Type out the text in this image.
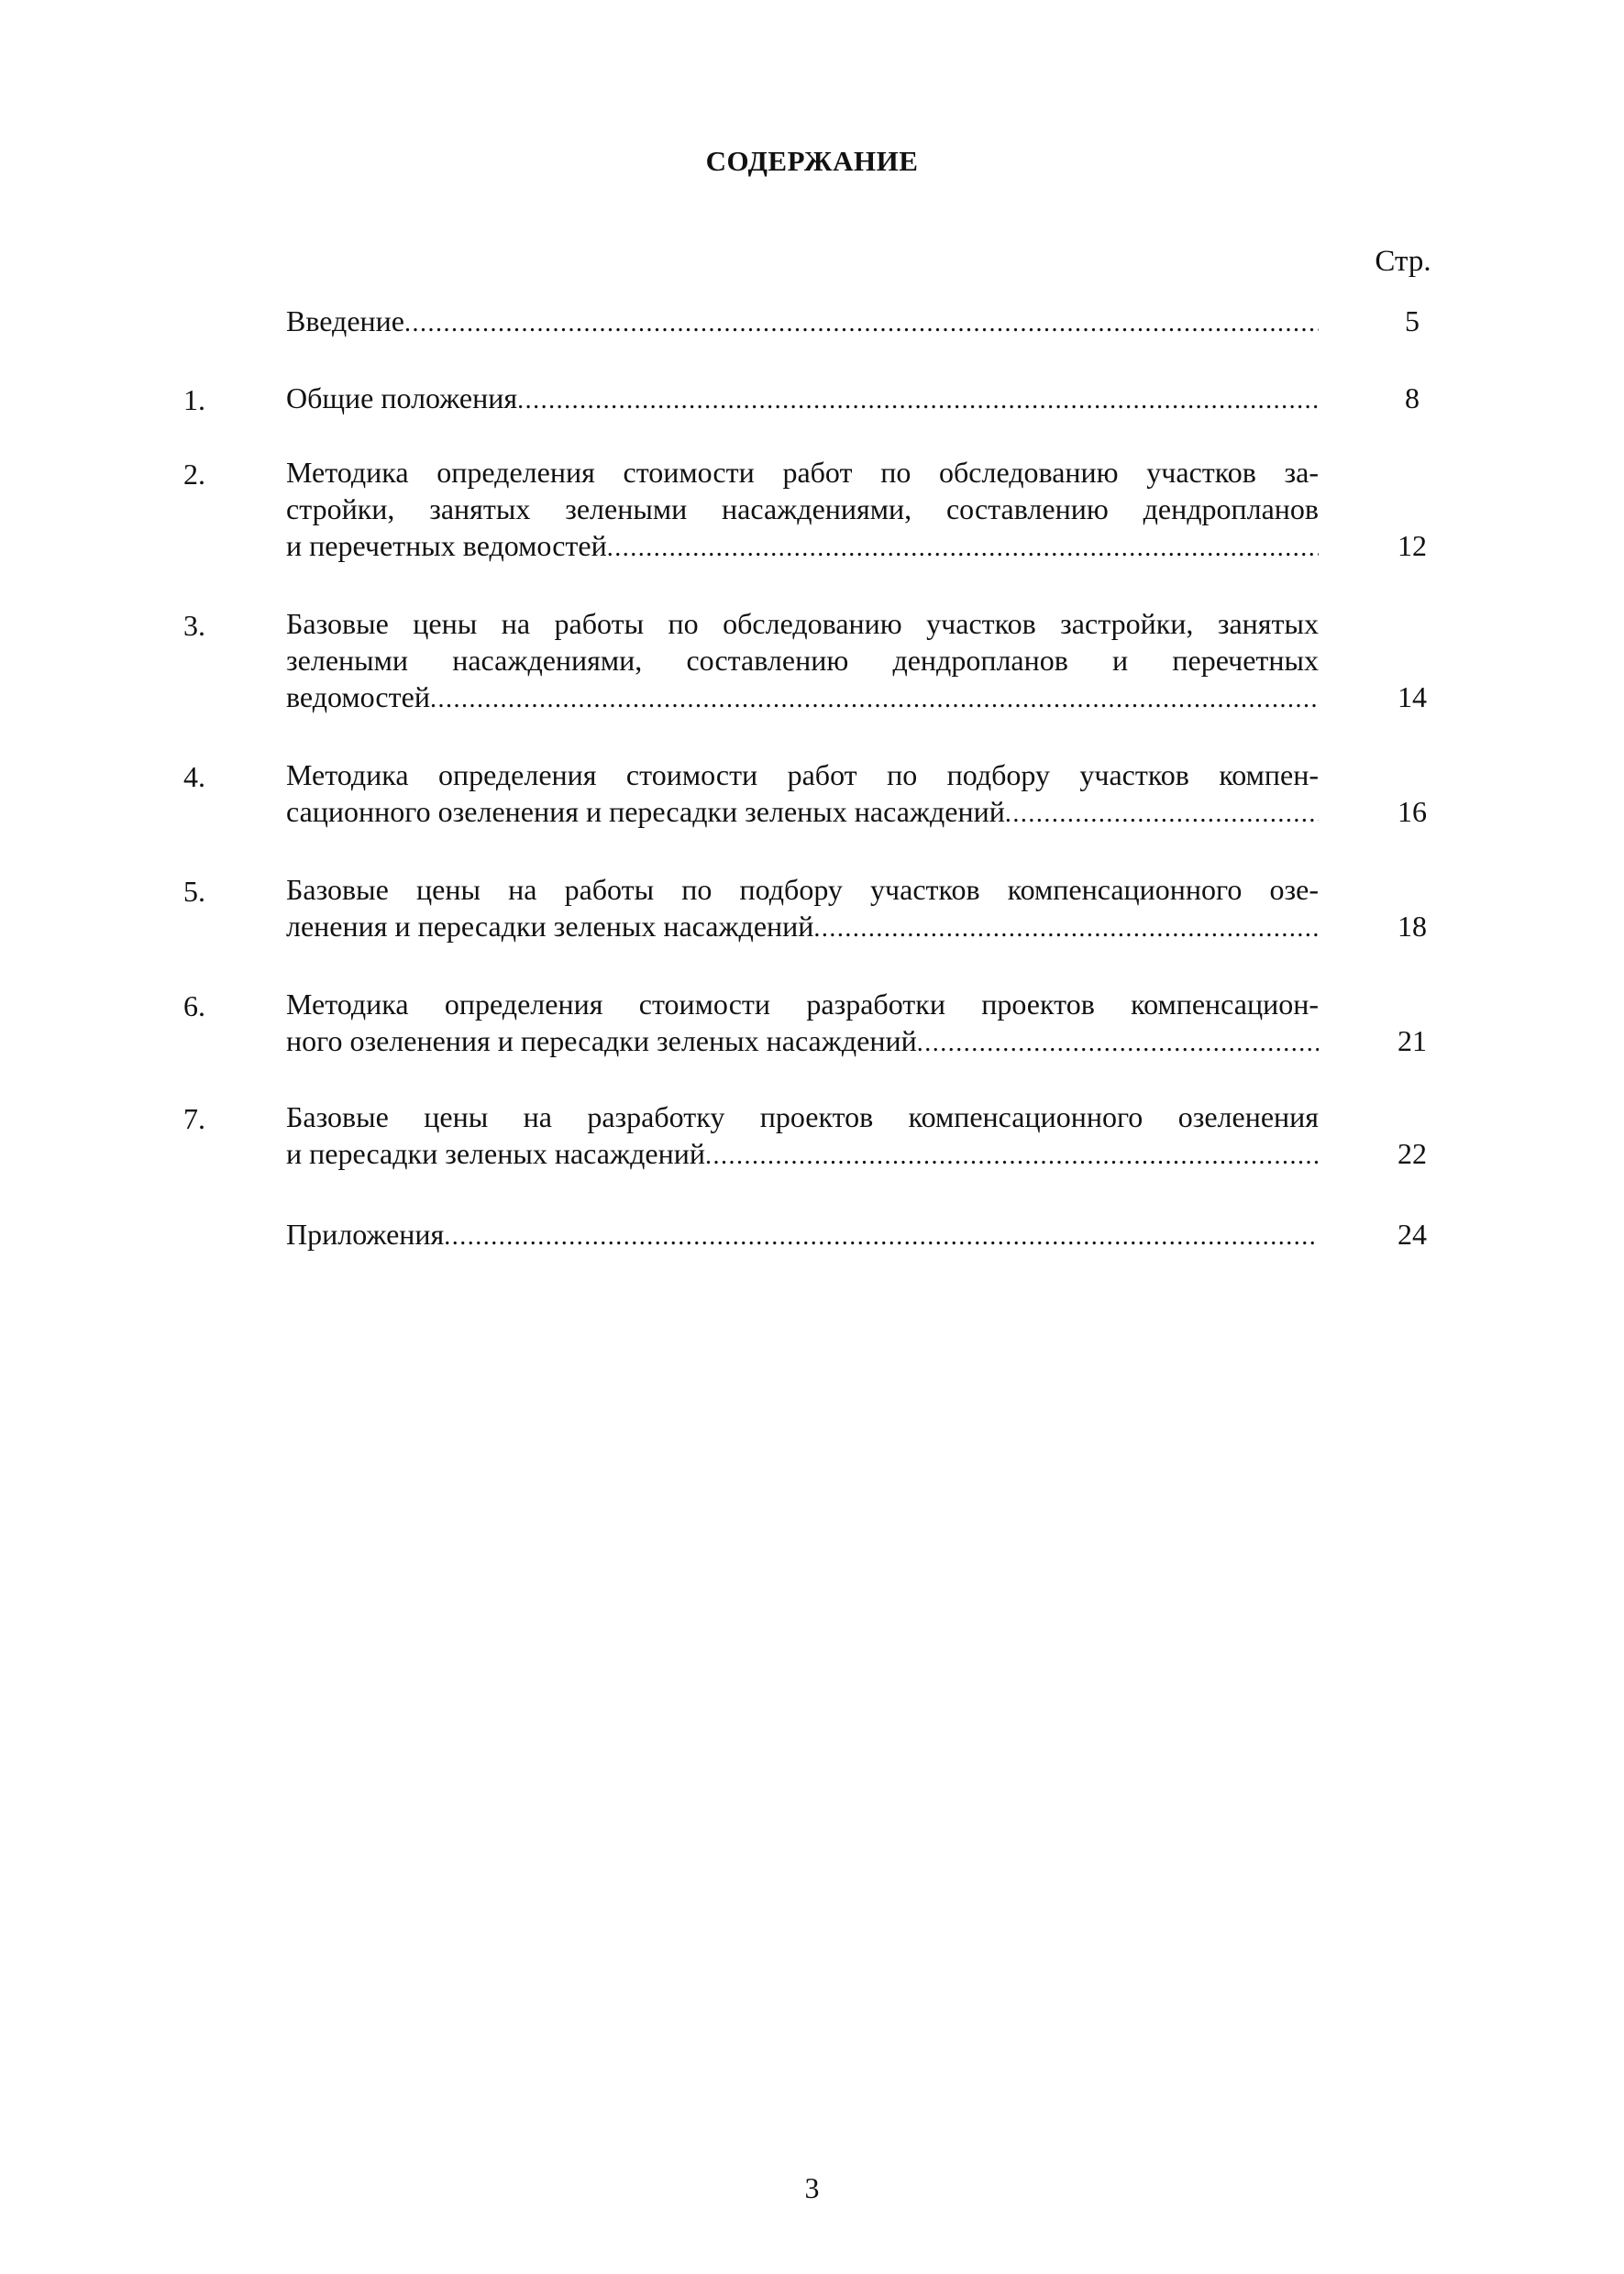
СОДЕРЖАНИЕ
Стр.
Введение .....	5
1.	Общие положения .....	8
2.	Методика определения стоимости работ по обследованию участков за-
стройки, занятых зелеными насаждениями, составлению дендропланов
и перечетных ведомостей .....	12
3.	Базовые цены на работы по обследованию участков застройки, занятых
зелеными насаждениями, составлению дендропланов и перечетных
ведомостей .....	14
4.	Методика определения стоимости работ по подбору участков компен-
сационного озеленения и пересадки зеленых насаждений .....	16
5.	Базовые цены на работы по подбору участков компенсационного озе-
ленения и пересадки зеленых насаждений .....	18
6.	Методика определения стоимости разработки проектов компенсацион-
ного озеленения и пересадки зеленых насаждений .....	21
7.	Базовые цены на разработку проектов компенсационного озеленения
и пересадки зеленых насаждений .....	22
Приложения .....	24
3
